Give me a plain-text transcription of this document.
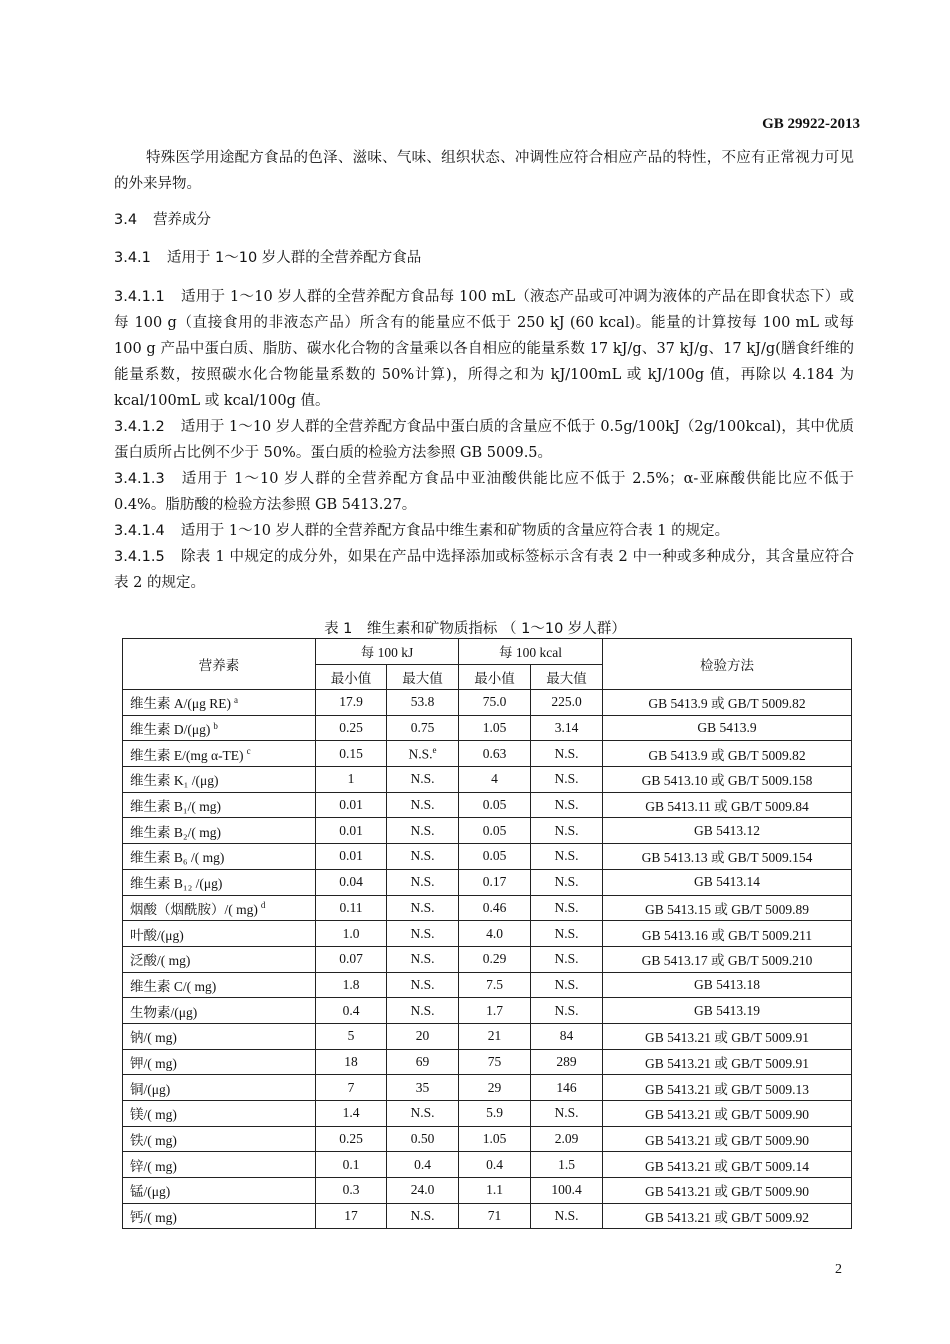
GB 29922-2013
特殊医学用途配方食品的色泽、滋味、气味、组织状态、冲调性应符合相应产品的特性，不应有正常视力可见的外来异物。
3.4 营养成分
3.4.1 适用于 1～10 岁人群的全营养配方食品

3.4.1.1 适用于 1～10 岁人群的全营养配方食品每 100 mL（液态产品或可冲调为液体的产品在即食状态下）或每 100 g（直接食用的非液态产品）所含有的能量应不低于 250 kJ (60 kcal)。能量的计算按每 100 mL 或每 100 g 产品中蛋白质、脂肪、碳水化合物的含量乘以各自相应的能量系数 17 kJ/g、37 kJ/g、17 kJ/g(膳食纤维的能量系数，按照碳水化合物能量系数的 50%计算)，所得之和为 kJ/100mL 或 kJ/100g 值，再除以 4.184 为 kcal/100mL 或 kcal/100g 值。

3.4.1.2 适用于 1～10 岁人群的全营养配方食品中蛋白质的含量应不低于 0.5g/100kJ（2g/100kcal)，其中优质蛋白质所占比例不少于 50%。蛋白质的检验方法参照 GB 5009.5。

3.4.1.3 适用于 1～10 岁人群的全营养配方食品中亚油酸供能比应不低于 2.5%；α-亚麻酸供能比应不低于 0.4%。脂肪酸的检验方法参照 GB 5413.27。

3.4.1.4 适用于 1～10 岁人群的全营养配方食品中维生素和矿物质的含量应符合表 1 的规定。

3.4.1.5 除表 1 中规定的成分外，如果在产品中选择添加或标签标示含有表 2 中一种或多种成分，其含量应符合表 2 的规定。

表 1　维生素和矿物质指标 （ 1～10 岁人群）
营养素	每 100 kJ		每 100 kcal		检验方法
	最小值	最大值	最小值	最大值	
维生素 A/(μg RE) $^a$	17.9	53.8	75.0	225.0	GB 5413.9 或 GB/T 5009.82
维生素 D/(μg) $^b$	0.25	0.75	1.05	3.14	GB 5413.9
维生素 E/(mg α-TE) $^c$	0.15	N.S.$^e$	0.63	N.S.	GB 5413.9 或 GB/T 5009.82
维生素 K₁ /(μg)	1	N.S.	4	N.S.	GB 5413.10 或 GB/T 5009.158
维生素 B₁/( mg)	0.01	N.S.	0.05	N.S.	GB 5413.11 或 GB/T 5009.84
维生素 B₂/( mg)	0.01	N.S.	0.05	N.S.	GB 5413.12
维生素 B₆ /( mg)	0.01	N.S.	0.05	N.S.	GB 5413.13 或 GB/T 5009.154
维生素 B₁₂ /(μg)	0.04	N.S.	0.17	N.S.	GB 5413.14
烟酸（烟酰胺）/( mg) $^d$	0.11	N.S.	0.46	N.S.	GB 5413.15 或 GB/T 5009.89
叶酸/(μg)	1.0	N.S.	4.0	N.S.	GB 5413.16 或 GB/T 5009.211
泛酸/( mg)	0.07	N.S.	0.29	N.S.	GB 5413.17 或 GB/T 5009.210
维生素 C/( mg)	1.8	N.S.	7.5	N.S.	GB 5413.18
生物素/(μg)	0.4	N.S.	1.7	N.S.	GB 5413.19
钠/( mg)	5	20	21	84	GB 5413.21 或 GB/T 5009.91
钾/( mg)	18	69	75	289	GB 5413.21 或 GB/T 5009.91
铜/(μg)	7	35	29	146	GB 5413.21 或 GB/T 5009.13
镁/( mg)	1.4	N.S.	5.9	N.S.	GB 5413.21 或 GB/T 5009.90
铁/( mg)	0.25	0.50	1.05	2.09	GB 5413.21 或 GB/T 5009.90
锌/( mg)	0.1	0.4	0.4	1.5	GB 5413.21 或 GB/T 5009.14
锰/(μg)	0.3	24.0	1.1	100.4	GB 5413.21 或 GB/T 5009.90
钙/( mg)	17	N.S.	71	N.S.	GB 5413.21 或 GB/T 5009.92
2
